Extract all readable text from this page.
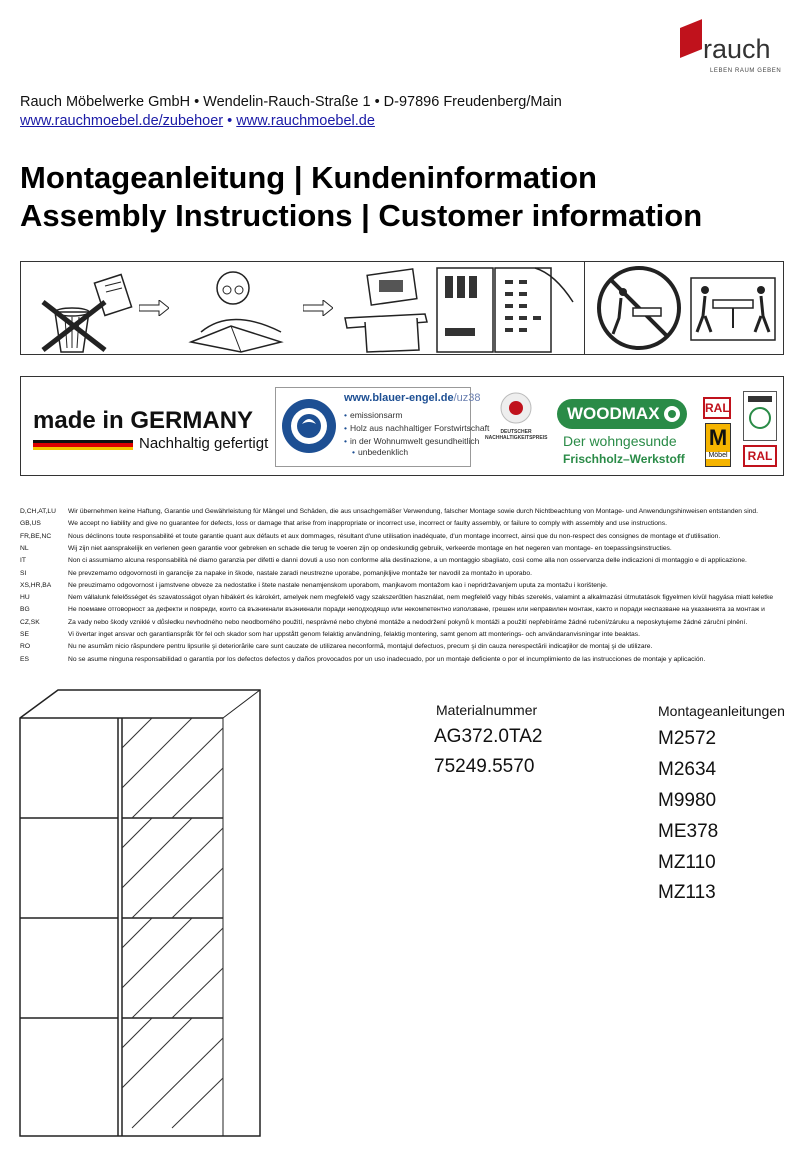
rauch
LEBEN RAUM GEBEN
Rauch Möbelwerke GmbH • Wendelin-Rauch-Straße 1 • D-97896 Freudenberg/Main
www.rauchmoebel.de/zubehoer • www.rauchmoebel.de
Montageanleitung | Kundeninformation
Assembly Instructions | Customer information
made in GERMANY
Nachhaltig gefertigt
www.blauer-engel.de/uz38
• emissionsarm
• Holz aus nachhaltiger Forstwirtschaft
• in der Wohnumwelt gesundheitlich
• unbedenklich
DEUTSCHER NACHHALTIGKEITSPREIS
WOODMAX
Der wohngesunde
Frischholz–Werkstoff
RAL
M
Möbel	RAL
D,CH,AT,LU	Wir übernehmen keine Haftung, Garantie und Gewährleistung für Mängel und Schäden, die aus unsachgemäßer Verwendung, falscher Montage sowie durch Nichtbeachtung von Montage- und Anwendungshinweisen entstanden sind.
GB,US	We accept no liability and give no guarantee for defects, loss or damage that arise from inappropriate or incorrect use, incorrect or faulty assembly, or failure to comply with assembly and use instructions.
FR,BE,NC	Nous déclinons toute responsabilité et toute garantie quant aux défauts et aux dommages, résultant d'une utilisation inadéquate, d'un montage incorrect, ainsi que du non-respect des consignes de montage et d'utilisation.
NL	Wij zijn niet aansprakelijk en verlenen geen garantie voor gebreken en schade die terug te voeren zijn op ondeskundig gebruik, verkeerde montage en het negeren van montage- en toepassingsinstructies.
IT	Non ci assumiamo alcuna responsabilità né diamo garanzia per difetti e danni dovuti a uso non conforme alla destinazione, a un montaggio sbagliato, così come alla non osservanza delle indicazioni di montaggio e di applicazione.
SI	Ne prevzemamo odgovornosti in garancije za napake in škode, nastale zaradi neustrezne uporabe, pomanjkljive montaže ter navodil za montažo in uporabo.
XS,HR,BA	Ne preuzimamo odgovornost i jamstvene obveze za nedostatke i štete nastale nenamjenskom uporabom, manjkavom montažom kao i nepridržavanjem uputa za montažu i korištenje.
HU	Nem vállalunk felelősséget és szavatosságot olyan hibákért és károkért, amelyek nem megfelelő vagy szakszerűtlen használat, nem megfelelő vagy hibás szerelés, valamint a alkalmazási útmutatások figyelmen kívül hagyása miatt keletke
BG	Не поемаме отговорност за дефекти и повреди, които са възникнали възникнали поради неподходящо или некомпетентно използване, грешен или неправилен монтаж, както и поради неспазване на указанията за монтаж и
CZ,SK	Za vady nebo škody vzniklé v důsledku nevhodného nebo neodborného použití, nesprávné nebo chybné montáže a nedodržení pokynů k montáži a použití nepřebíráme žádné ručení/záruku a neposkytujeme žádné záruční plnění.
SE	Vi övertar inget ansvar och garantianspråk för fel och skador som har uppstått genom felaktig användning, felaktig montering, samt genom att monterings- och användaranvisningar inte beaktas.
RO	Nu ne asumăm nicio răspundere pentru lipsurile şi deteriorările care sunt cauzate de utilizarea neconformă, montajul defectuos, precum şi din cauza nerespectării indicaţiilor de montaj şi de utilizare.
ES	No se asume ninguna responsabilidad o garantía por los defectos defectos y daños provocados por un uso inadecuado, por un montaje deficiente o por el incumplimiento de las instrucciones de montaje y aplicación.
Materialnummer
AG372.0TA2
75249.5570
Montageanleitungen
M2572
M2634
M9980
ME378
MZ110
MZ113
